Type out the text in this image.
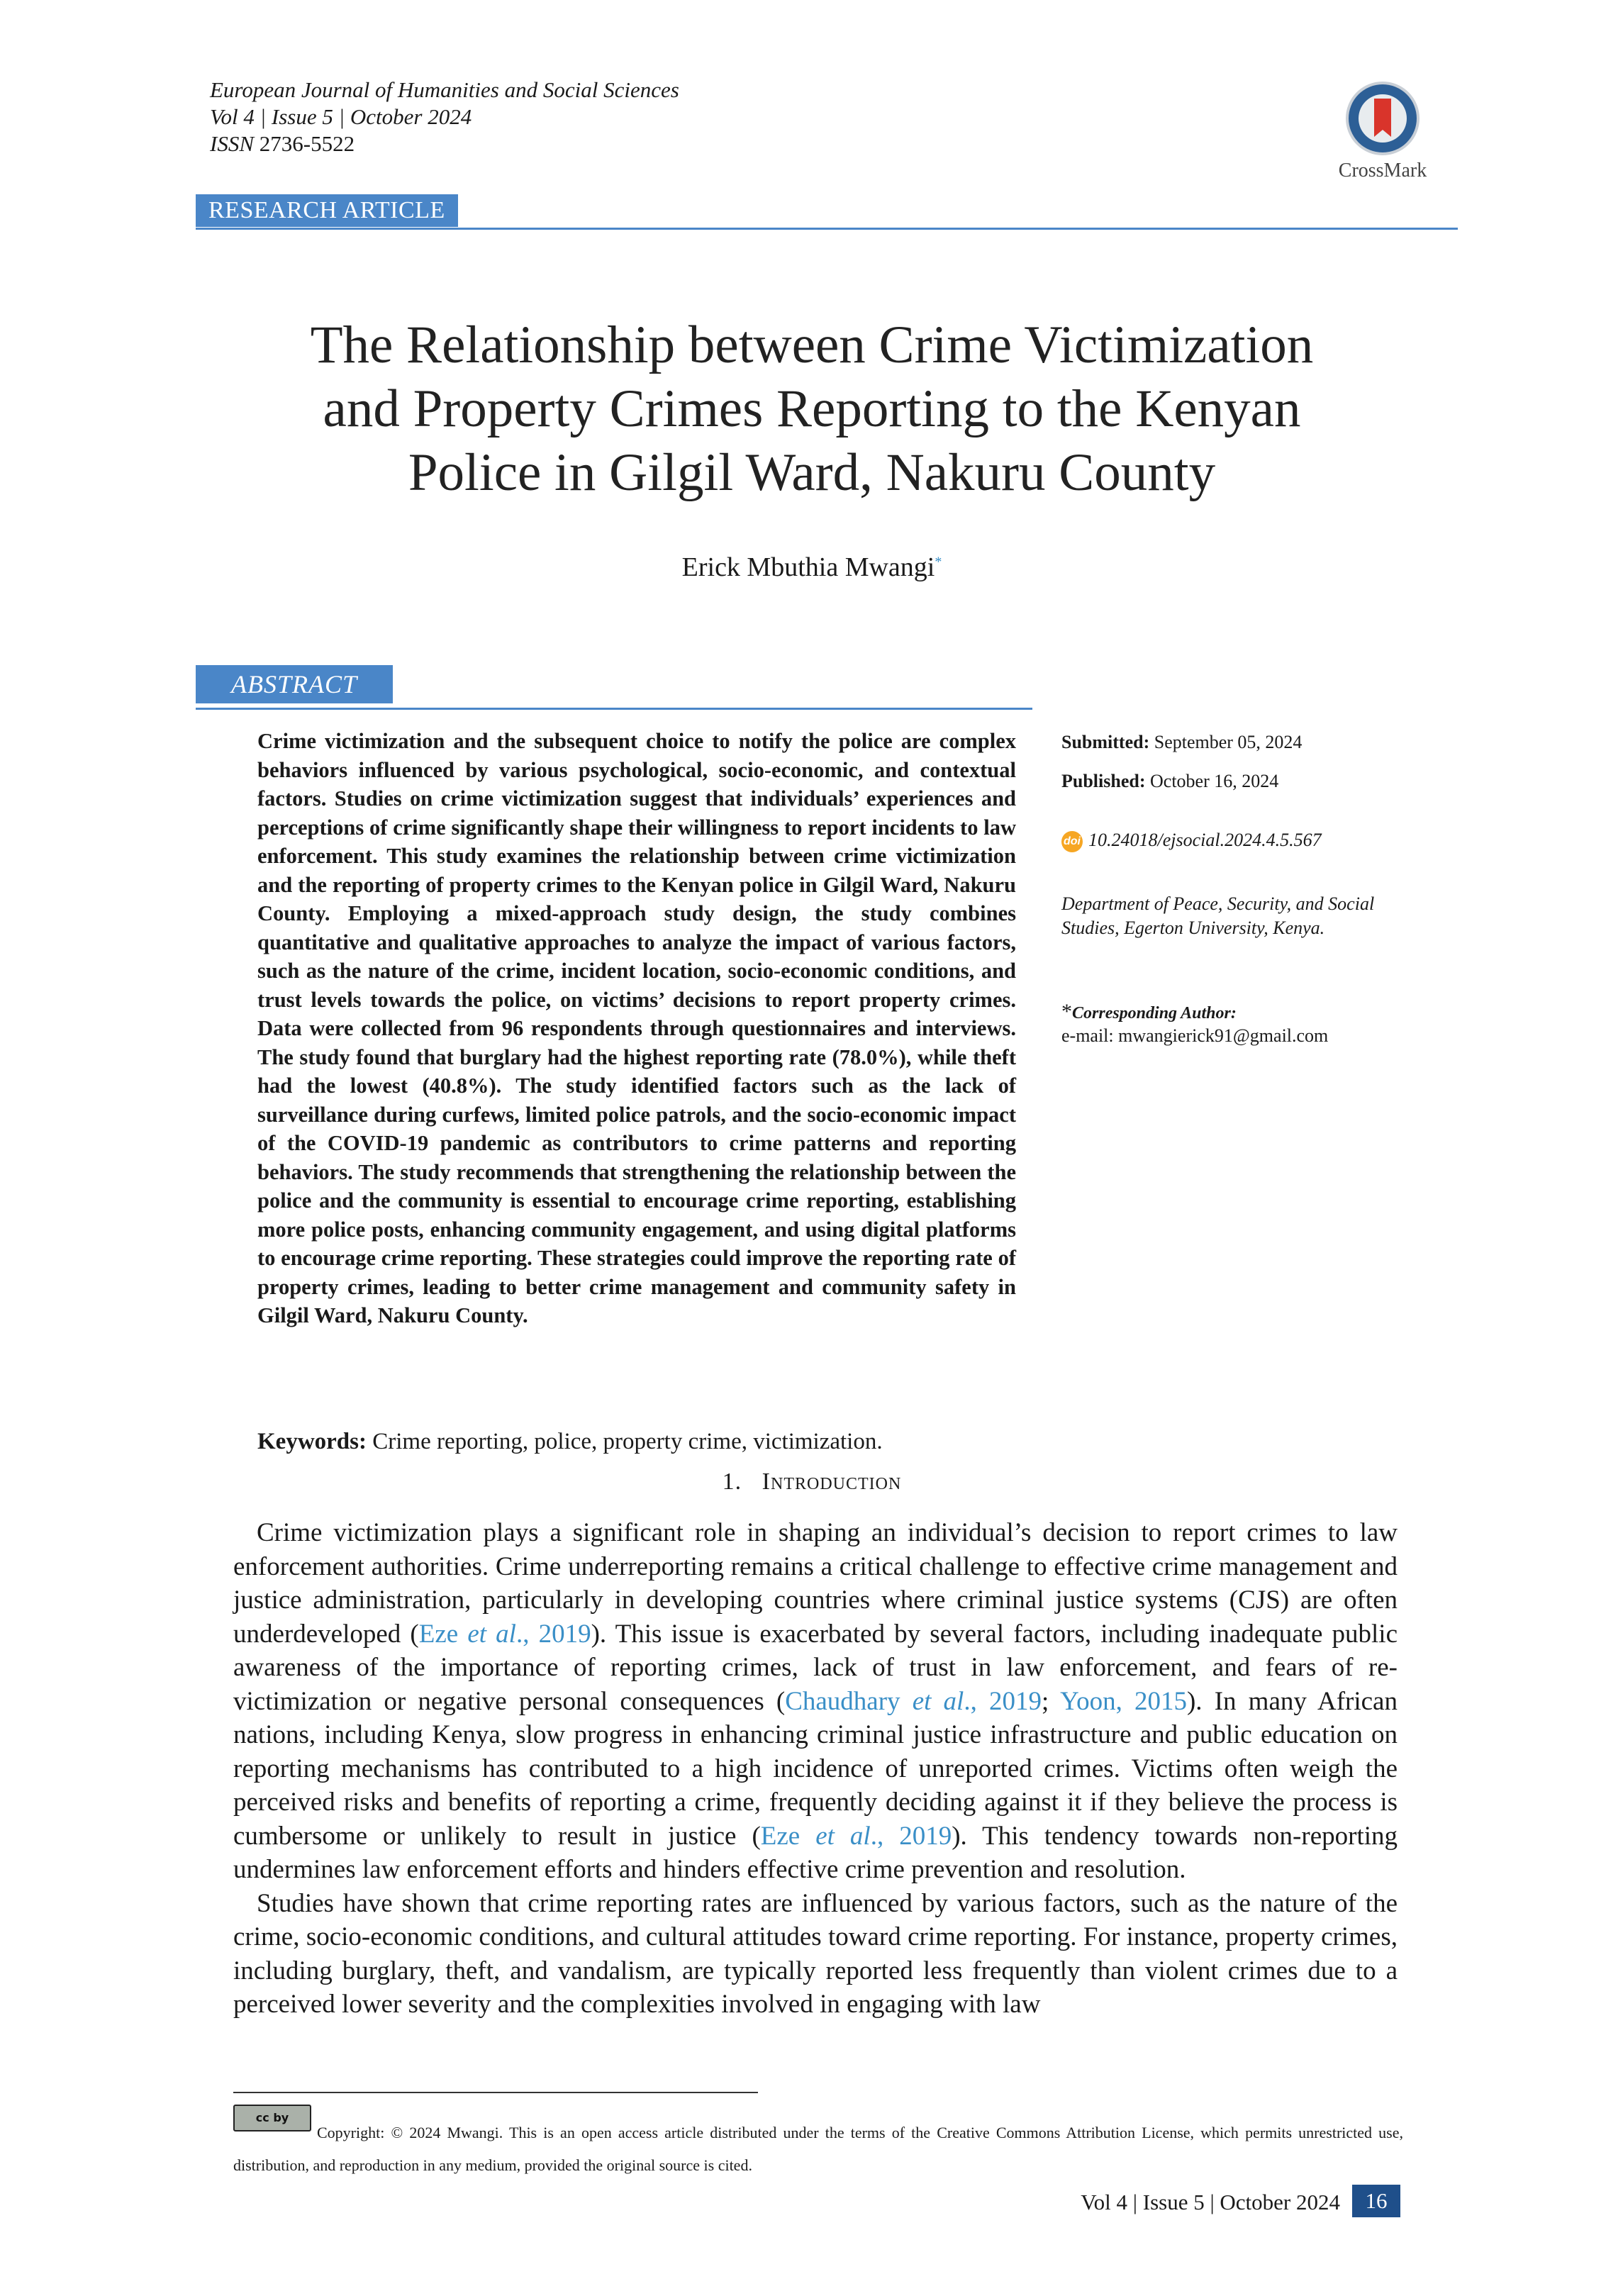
European Journal of Humanities and Social Sciences
Vol 4 | Issue 5 | October 2024
ISSN 2736-5522
CrossMark
RESEARCH ARTICLE
The Relationship between Crime Victimization
and Property Crimes Reporting to the Kenyan
Police in Gilgil Ward, Nakuru County
Erick Mbuthia Mwangi*
ABSTRACT
Crime victimization and the subsequent choice to notify the police are complex behaviors influenced by various psychological, socio-economic, and contextual factors. Studies on crime victimization suggest that individuals’ experiences and perceptions of crime significantly shape their willingness to report incidents to law enforcement. This study examines the relationship between crime victimization and the reporting of property crimes to the Kenyan police in Gilgil Ward, Nakuru County. Employing a mixed-approach study design, the study combines quantitative and qualitative approaches to analyze the impact of various factors, such as the nature of the crime, incident location, socio-economic conditions, and trust levels towards the police, on victims’ decisions to report property crimes. Data were collected from 96 respondents through questionnaires and interviews. The study found that burglary had the highest reporting rate (78.0%), while theft had the lowest (40.8%). The study identified factors such as the lack of surveillance during curfews, limited police patrols, and the socio-economic impact of the COVID-19 pandemic as contributors to crime patterns and reporting behaviors. The study recommends that strengthening the relationship between the police and the community is essential to encourage crime reporting, establishing more police posts, enhancing community engagement, and using digital platforms to encourage crime reporting. These strategies could improve the reporting rate of property crimes, leading to better crime management and community safety in Gilgil Ward, Nakuru County.
Submitted: September 05, 2024
Published: October 16, 2024
doi 10.24018/ejsocial.2024.4.5.567
Department of Peace, Security, and Social Studies, Egerton University, Kenya.
*Corresponding Author:
e-mail: mwangierick91@gmail.com
Keywords: Crime reporting, police, property crime, victimization.
1. Introduction

Crime victimization plays a significant role in shaping an individual’s decision to report crimes to law enforcement authorities. Crime underreporting remains a critical challenge to effective crime management and justice administration, particularly in developing countries where criminal justice systems (CJS) are often underdeveloped (Eze et al., 2019). This issue is exacerbated by several factors, including inadequate public awareness of the importance of reporting crimes, lack of trust in law enforcement, and fears of re-victimization or negative personal consequences (Chaudhary et al., 2019; Yoon, 2015). In many African nations, including Kenya, slow progress in enhancing criminal justice infrastructure and public education on reporting mechanisms has contributed to a high incidence of unreported crimes. Victims often weigh the perceived risks and benefits of reporting a crime, frequently deciding against it if they believe the process is cumbersome or unlikely to result in justice (Eze et al., 2019). This tendency towards non-reporting undermines law enforcement efforts and hinders effective crime prevention and resolution.

Studies have shown that crime reporting rates are influenced by various factors, such as the nature of the crime, socio-economic conditions, and cultural attitudes toward crime reporting. For instance, property crimes, including burglary, theft, and vandalism, are typically reported less frequently than violent crimes due to a perceived lower severity and the complexities involved in engaging with law

cc by
Copyright: © 2024 Mwangi. This is an open access article distributed under the terms of the Creative Commons Attribution License, which permits unrestricted use, distribution, and reproduction in any medium, provided the original source is cited.
Vol 4 | Issue 5 | October 2024	16
